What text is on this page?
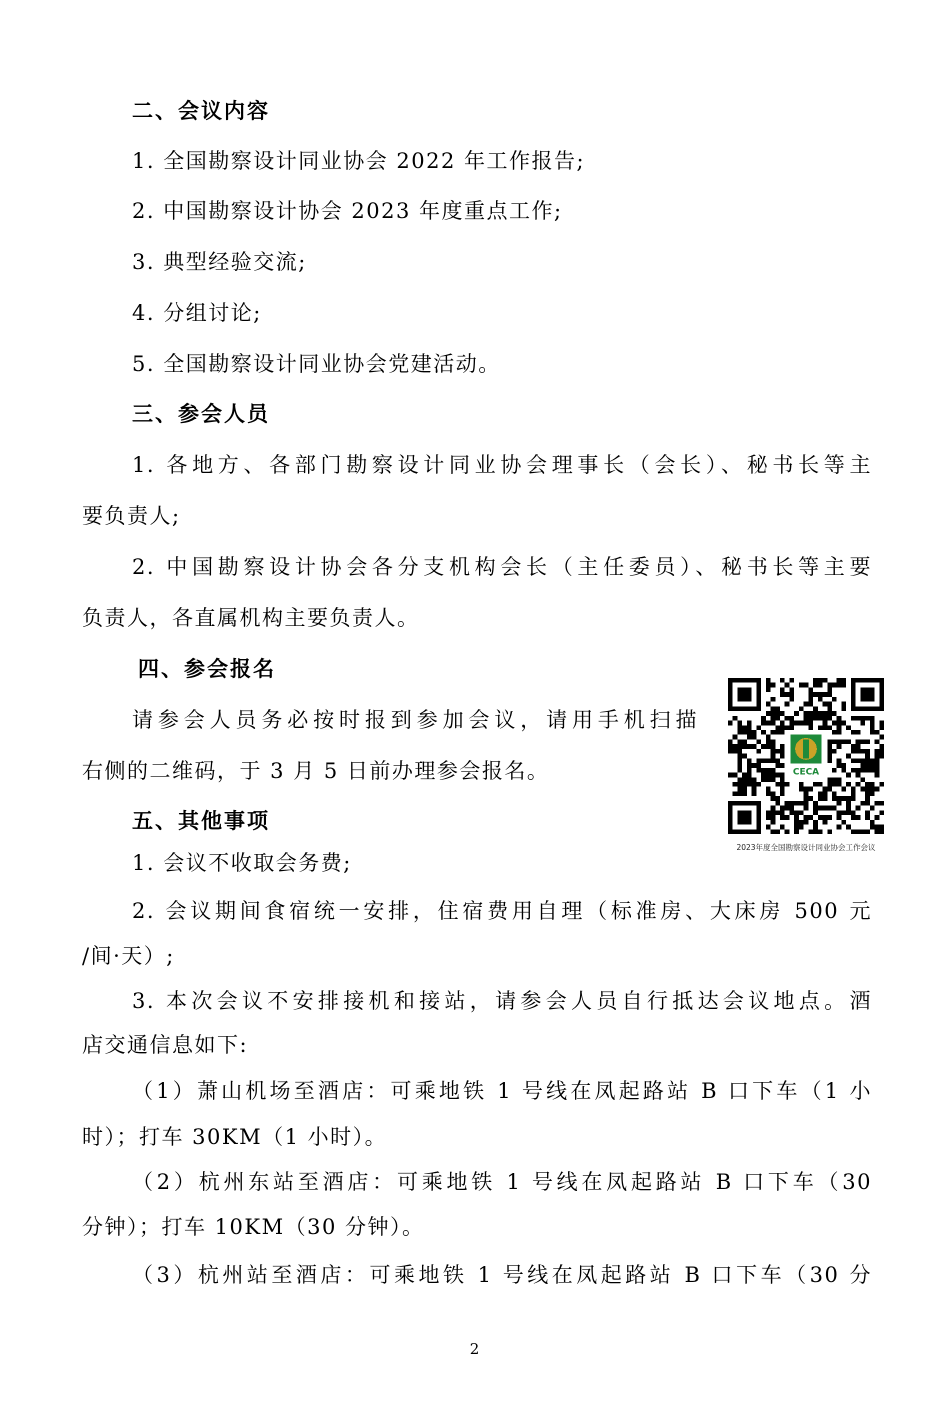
二、会议内容
1. 全国勘察设计同业协会 2022 年工作报告;
2. 中国勘察设计协会 2023 年度重点工作;
3. 典型经验交流;
4. 分组讨论;
5. 全国勘察设计同业协会党建活动。
三、参会人员
1. 各地方、各部门勘察设计同业协会理事长（会长）、秘书长等主
要负责人;
2. 中国勘察设计协会各分支机构会长（主任委员）、秘书长等主要
负责人，各直属机构主要负责人。
四、参会报名
请参会人员务必按时报到参加会议，请用手机扫描
右侧的二维码，于 3 月 5 日前办理参会报名。	CECA
2023年度全国勘察设计同业协会工作会议
五、其他事项
1. 会议不收取会务费;
2. 会议期间食宿统一安排，住宿费用自理（标准房、大床房 500 元
/间·天）;
3. 本次会议不安排接机和接站，请参会人员自行抵达会议地点。酒
店交通信息如下:
（1）萧山机场至酒店：可乘地铁 1 号线在凤起路站 B 口下车（1 小
时）；打车 30KM（1 小时）。
（2）杭州东站至酒店：可乘地铁 1 号线在凤起路站 B 口下车（30
分钟）；打车 10KM（30 分钟）。
（3）杭州站至酒店：可乘地铁 1 号线在凤起路站 B 口下车（30 分
2
